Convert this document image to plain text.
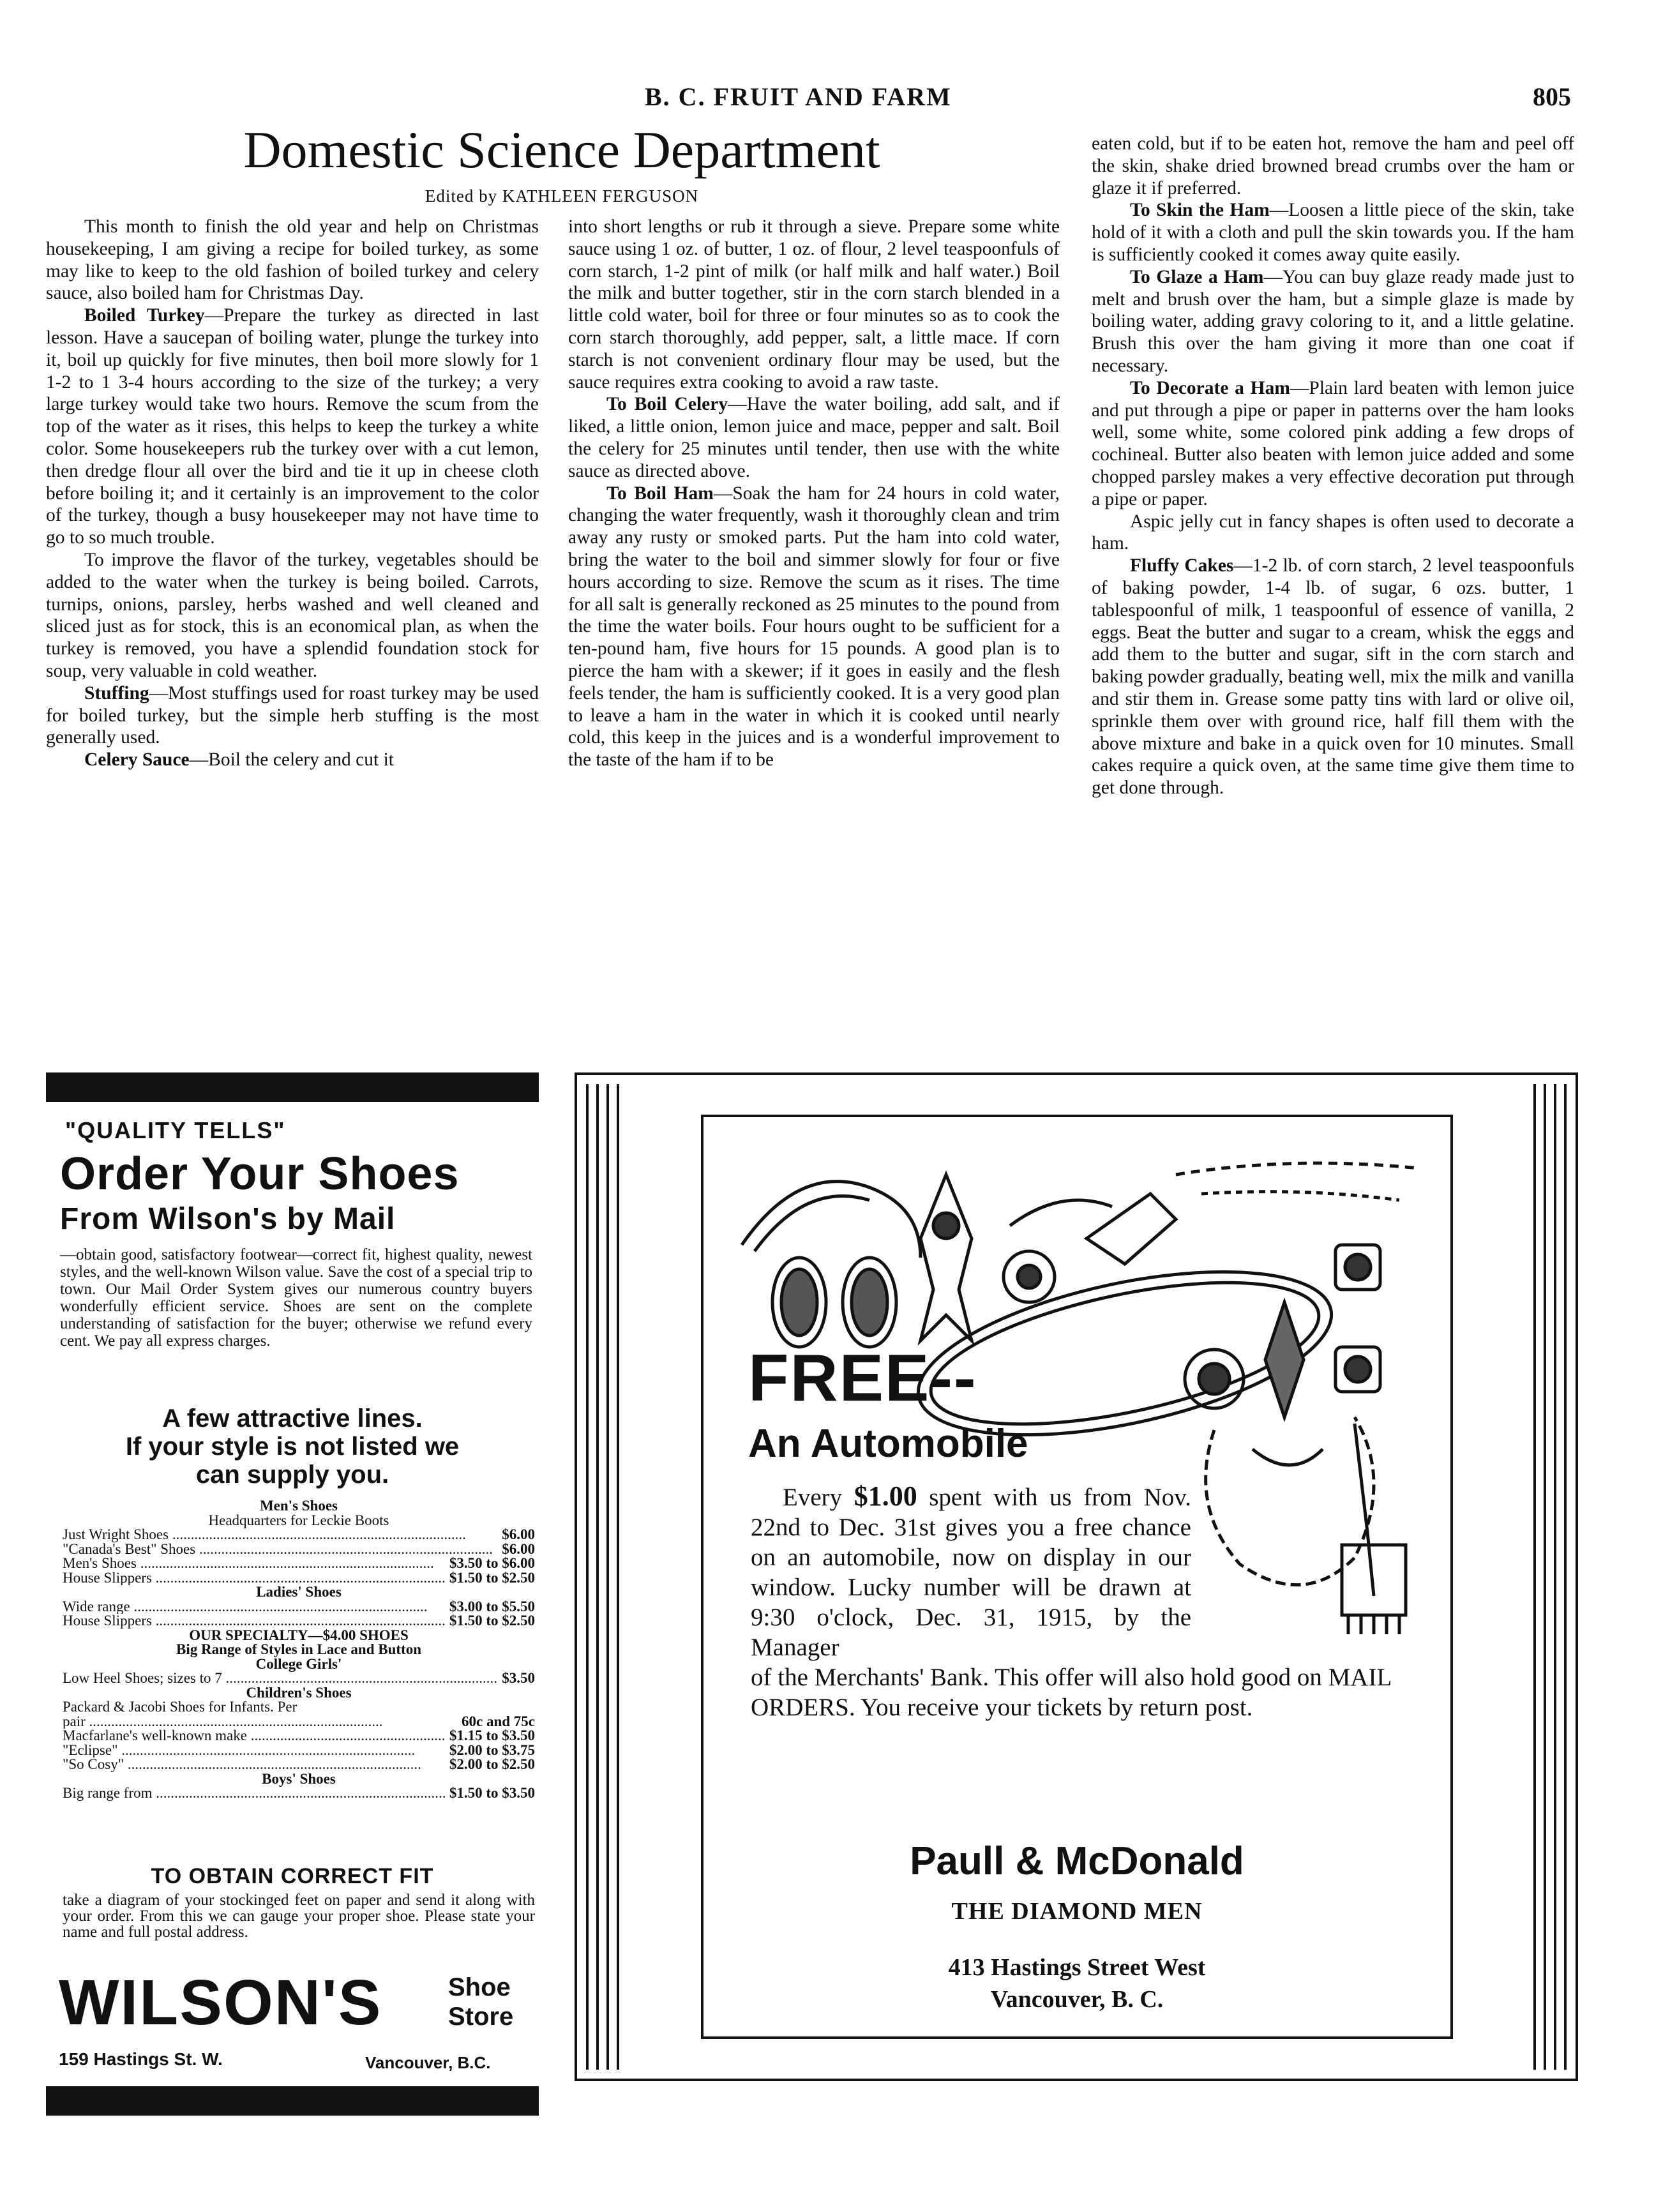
B. C. FRUIT AND FARM	805
Domestic Science Department
Edited by KATHLEEN FERGUSON

This month to finish the old year and help on Christmas housekeeping, I am giving a recipe for boiled turkey, as some may like to keep to the old fashion of boiled turkey and celery sauce, also boiled ham for Christmas Day.

Boiled Turkey—Prepare the turkey as directed in last lesson. Have a saucepan of boiling water, plunge the turkey into it, boil up quickly for five minutes, then boil more slowly for 1 1-2 to 1 3-4 hours according to the size of the turkey; a very large turkey would take two hours. Remove the scum from the top of the water as it rises, this helps to keep the turkey a white color. Some housekeepers rub the turkey over with a cut lemon, then dredge flour all over the bird and tie it up in cheese cloth before boiling it; and it certainly is an improvement to the color of the turkey, though a busy housekeeper may not have time to go to so much trouble.

To improve the flavor of the turkey, vegetables should be added to the water when the turkey is being boiled. Carrots, turnips, onions, parsley, herbs washed and well cleaned and sliced just as for stock, this is an economical plan, as when the turkey is removed, you have a splendid foundation stock for soup, very valuable in cold weather.

Stuffing—Most stuffings used for roast turkey may be used for boiled turkey, but the simple herb stuffing is the most generally used.

Celery Sauce—Boil the celery and cut it

into short lengths or rub it through a sieve. Prepare some white sauce using 1 oz. of butter, 1 oz. of flour, 2 level teaspoonfuls of corn starch, 1-2 pint of milk (or half milk and half water.) Boil the milk and butter together, stir in the corn starch blended in a little cold water, boil for three or four minutes so as to cook the corn starch thoroughly, add pepper, salt, a little mace. If corn starch is not convenient ordinary flour may be used, but the sauce requires extra cooking to avoid a raw taste.

To Boil Celery—Have the water boiling, add salt, and if liked, a little onion, lemon juice and mace, pepper and salt. Boil the celery for 25 minutes until tender, then use with the white sauce as directed above.

To Boil Ham—Soak the ham for 24 hours in cold water, changing the water frequently, wash it thoroughly clean and trim away any rusty or smoked parts. Put the ham into cold water, bring the water to the boil and simmer slowly for four or five hours according to size. Remove the scum as it rises. The time for all salt is generally reckoned as 25 minutes to the pound from the time the water boils. Four hours ought to be sufficient for a ten-pound ham, five hours for 15 pounds. A good plan is to pierce the ham with a skewer; if it goes in easily and the flesh feels tender, the ham is sufficiently cooked. It is a very good plan to leave a ham in the water in which it is cooked until nearly cold, this keep in the juices and is a wonderful improvement to the taste of the ham if to be

eaten cold, but if to be eaten hot, remove the ham and peel off the skin, shake dried browned bread crumbs over the ham or glaze it if preferred.

To Skin the Ham—Loosen a little piece of the skin, take hold of it with a cloth and pull the skin towards you. If the ham is sufficiently cooked it comes away quite easily.

To Glaze a Ham—You can buy glaze ready made just to melt and brush over the ham, but a simple glaze is made by boiling water, adding gravy coloring to it, and a little gelatine. Brush this over the ham giving it more than one coat if necessary.

To Decorate a Ham—Plain lard beaten with lemon juice and put through a pipe or paper in patterns over the ham looks well, some white, some colored pink adding a few drops of cochineal. Butter also beaten with lemon juice added and some chopped parsley makes a very effective decoration put through a pipe or paper.

Aspic jelly cut in fancy shapes is often used to decorate a ham.

Fluffy Cakes—1-2 lb. of corn starch, 2 level teaspoonfuls of baking powder, 1-4 lb. of sugar, 6 ozs. butter, 1 tablespoonful of milk, 1 teaspoonful of essence of vanilla, 2 eggs. Beat the butter and sugar to a cream, whisk the eggs and add them to the butter and sugar, sift in the corn starch and baking powder gradually, beating well, mix the milk and vanilla and stir them in. Grease some patty tins with lard or olive oil, sprinkle them over with ground rice, half fill them with the above mixture and bake in a quick oven for 10 minutes. Small cakes require a quick oven, at the same time give them time to get done through.

"QUALITY TELLS"
Order Your Shoes
From Wilson's by Mail
—obtain good, satisfactory footwear—correct fit, highest quality, newest styles, and the well-known Wilson value. Save the cost of a special trip to town. Our Mail Order System gives our numerous country buyers wonderfully efficient service. Shoes are sent on the complete understanding of satisfaction for the buyer; otherwise we refund every cent. We pay all express charges.
A few attractive lines.
If your style is not listed we
can supply you.
Men's Shoes
Headquarters for Leckie Boots
Just Wright Shoes .....	$6.00
"Canada's Best" Shoes .....	$6.00
Men's Shoes .....	$3.50 to $6.00
House Slippers .....	$1.50 to $2.50
Ladies' Shoes
Wide range .....	$3.00 to $5.50
House Slippers .....	$1.50 to $2.50
OUR SPECIALTY—$4.00 SHOES
Big Range of Styles in Lace and Button
College Girls'
Low Heel Shoes; sizes to 7 .....	$3.50
Children's Shoes
Packard & Jacobi Shoes for Infants. Per
pair .....	60c and 75c
Macfarlane's well-known make .....	$1.15 to $3.50
"Eclipse" .....	$2.00 to $3.75
"So Cosy" .....	$2.00 to $2.50
Boys' Shoes
Big range from .....	$1.50 to $3.50
TO OBTAIN CORRECT FIT
take a diagram of your stockinged feet on paper and send it along with your order. From this we can gauge your proper shoe. Please state your name and full postal address.
WILSON'S	Shoe
Store
159 Hastings St. W.	Vancouver, B.C.
FREE--
An Automobile

Every $1.00 spent with us from Nov. 22nd to Dec. 31st gives you a free chance on an automobile, now on display in our window. Lucky number will be drawn at 9:30 o'clock, Dec. 31, 1915, by the Manager

of the Merchants' Bank. This offer will also hold good on MAIL ORDERS. You receive your tickets by return post.
Paull & McDonald
THE DIAMOND MEN
413 Hastings Street West
Vancouver, B. C.
